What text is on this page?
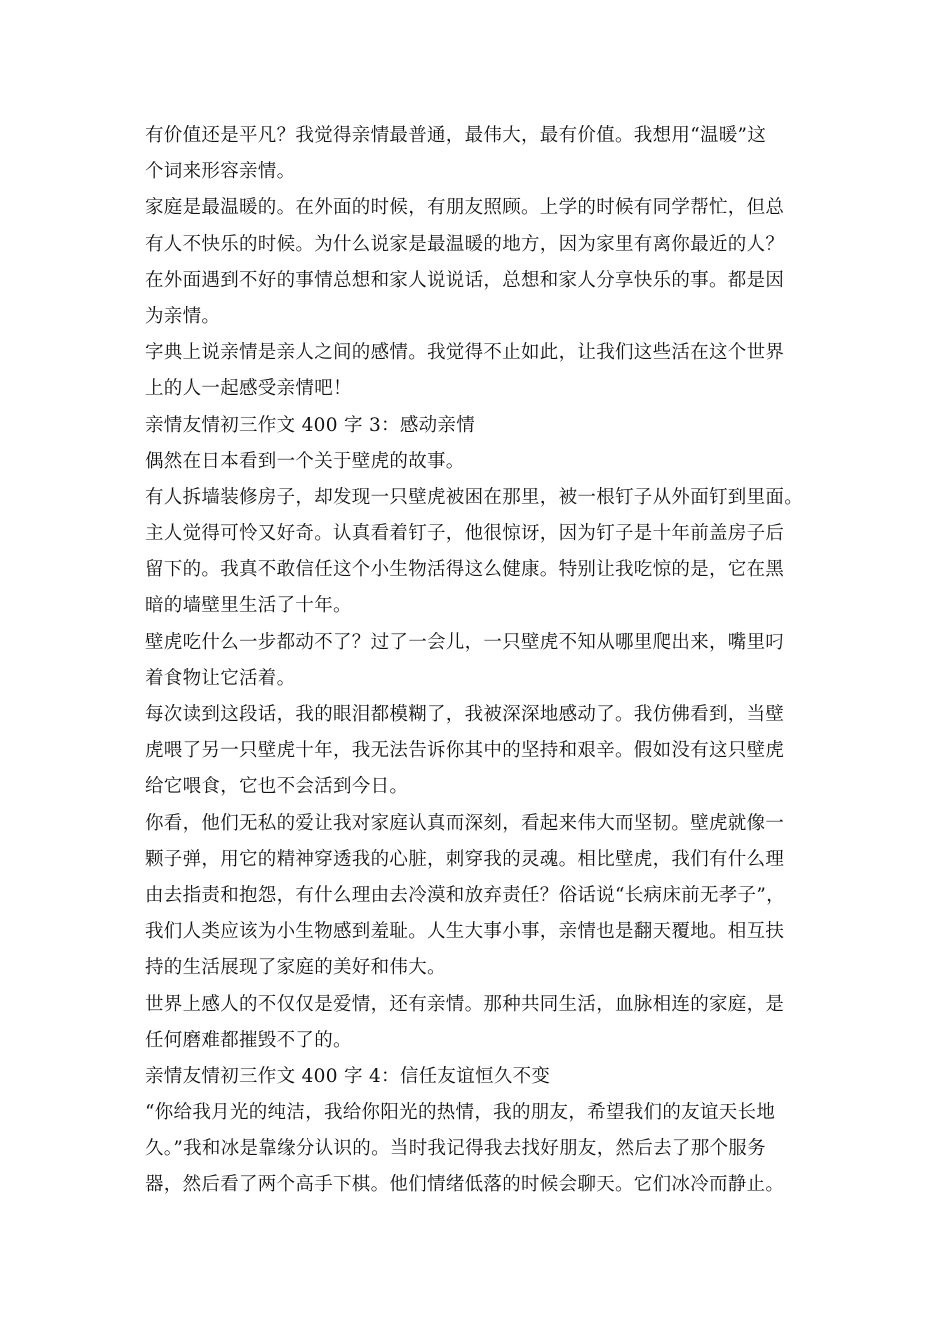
有价值还是平凡？我觉得亲情最普通，最伟大，最有价值。我想用“温暖”这
个词来形容亲情。
家庭是最温暖的。在外面的时候，有朋友照顾。上学的时候有同学帮忙，但总
有人不快乐的时候。为什么说家是最温暖的地方，因为家里有离你最近的人？
在外面遇到不好的事情总想和家人说说话，总想和家人分享快乐的事。都是因
为亲情。
字典上说亲情是亲人之间的感情。我觉得不止如此，让我们这些活在这个世界
上的人一起感受亲情吧！
亲情友情初三作文 400 字 3：感动亲情
偶然在日本看到一个关于壁虎的故事。
有人拆墙装修房子，却发现一只壁虎被困在那里，被一根钉子从外面钉到里面。
主人觉得可怜又好奇。认真看着钉子，他很惊讶，因为钉子是十年前盖房子后
留下的。我真不敢信任这个小生物活得这么健康。特别让我吃惊的是，它在黑
暗的墙壁里生活了十年。
壁虎吃什么一步都动不了？过了一会儿，一只壁虎不知从哪里爬出来，嘴里叼
着食物让它活着。
每次读到这段话，我的眼泪都模糊了，我被深深地感动了。我仿佛看到，当壁
虎喂了另一只壁虎十年，我无法告诉你其中的坚持和艰辛。假如没有这只壁虎
给它喂食，它也不会活到今日。
你看，他们无私的爱让我对家庭认真而深刻，看起来伟大而坚韧。壁虎就像一
颗子弹，用它的精神穿透我的心脏，刺穿我的灵魂。相比壁虎，我们有什么理
由去指责和抱怨，有什么理由去冷漠和放弃责任？俗话说“长病床前无孝子”，
我们人类应该为小生物感到羞耻。人生大事小事，亲情也是翻天覆地。相互扶
持的生活展现了家庭的美好和伟大。
世界上感人的不仅仅是爱情，还有亲情。那种共同生活，血脉相连的家庭，是
任何磨难都摧毁不了的。
亲情友情初三作文 400 字 4：信任友谊恒久不变
“你给我月光的纯洁，我给你阳光的热情，我的朋友，希望我们的友谊天长地
久。”我和冰是靠缘分认识的。当时我记得我去找好朋友，然后去了那个服务
器，然后看了两个高手下棋。他们情绪低落的时候会聊天。它们冰冷而静止。
